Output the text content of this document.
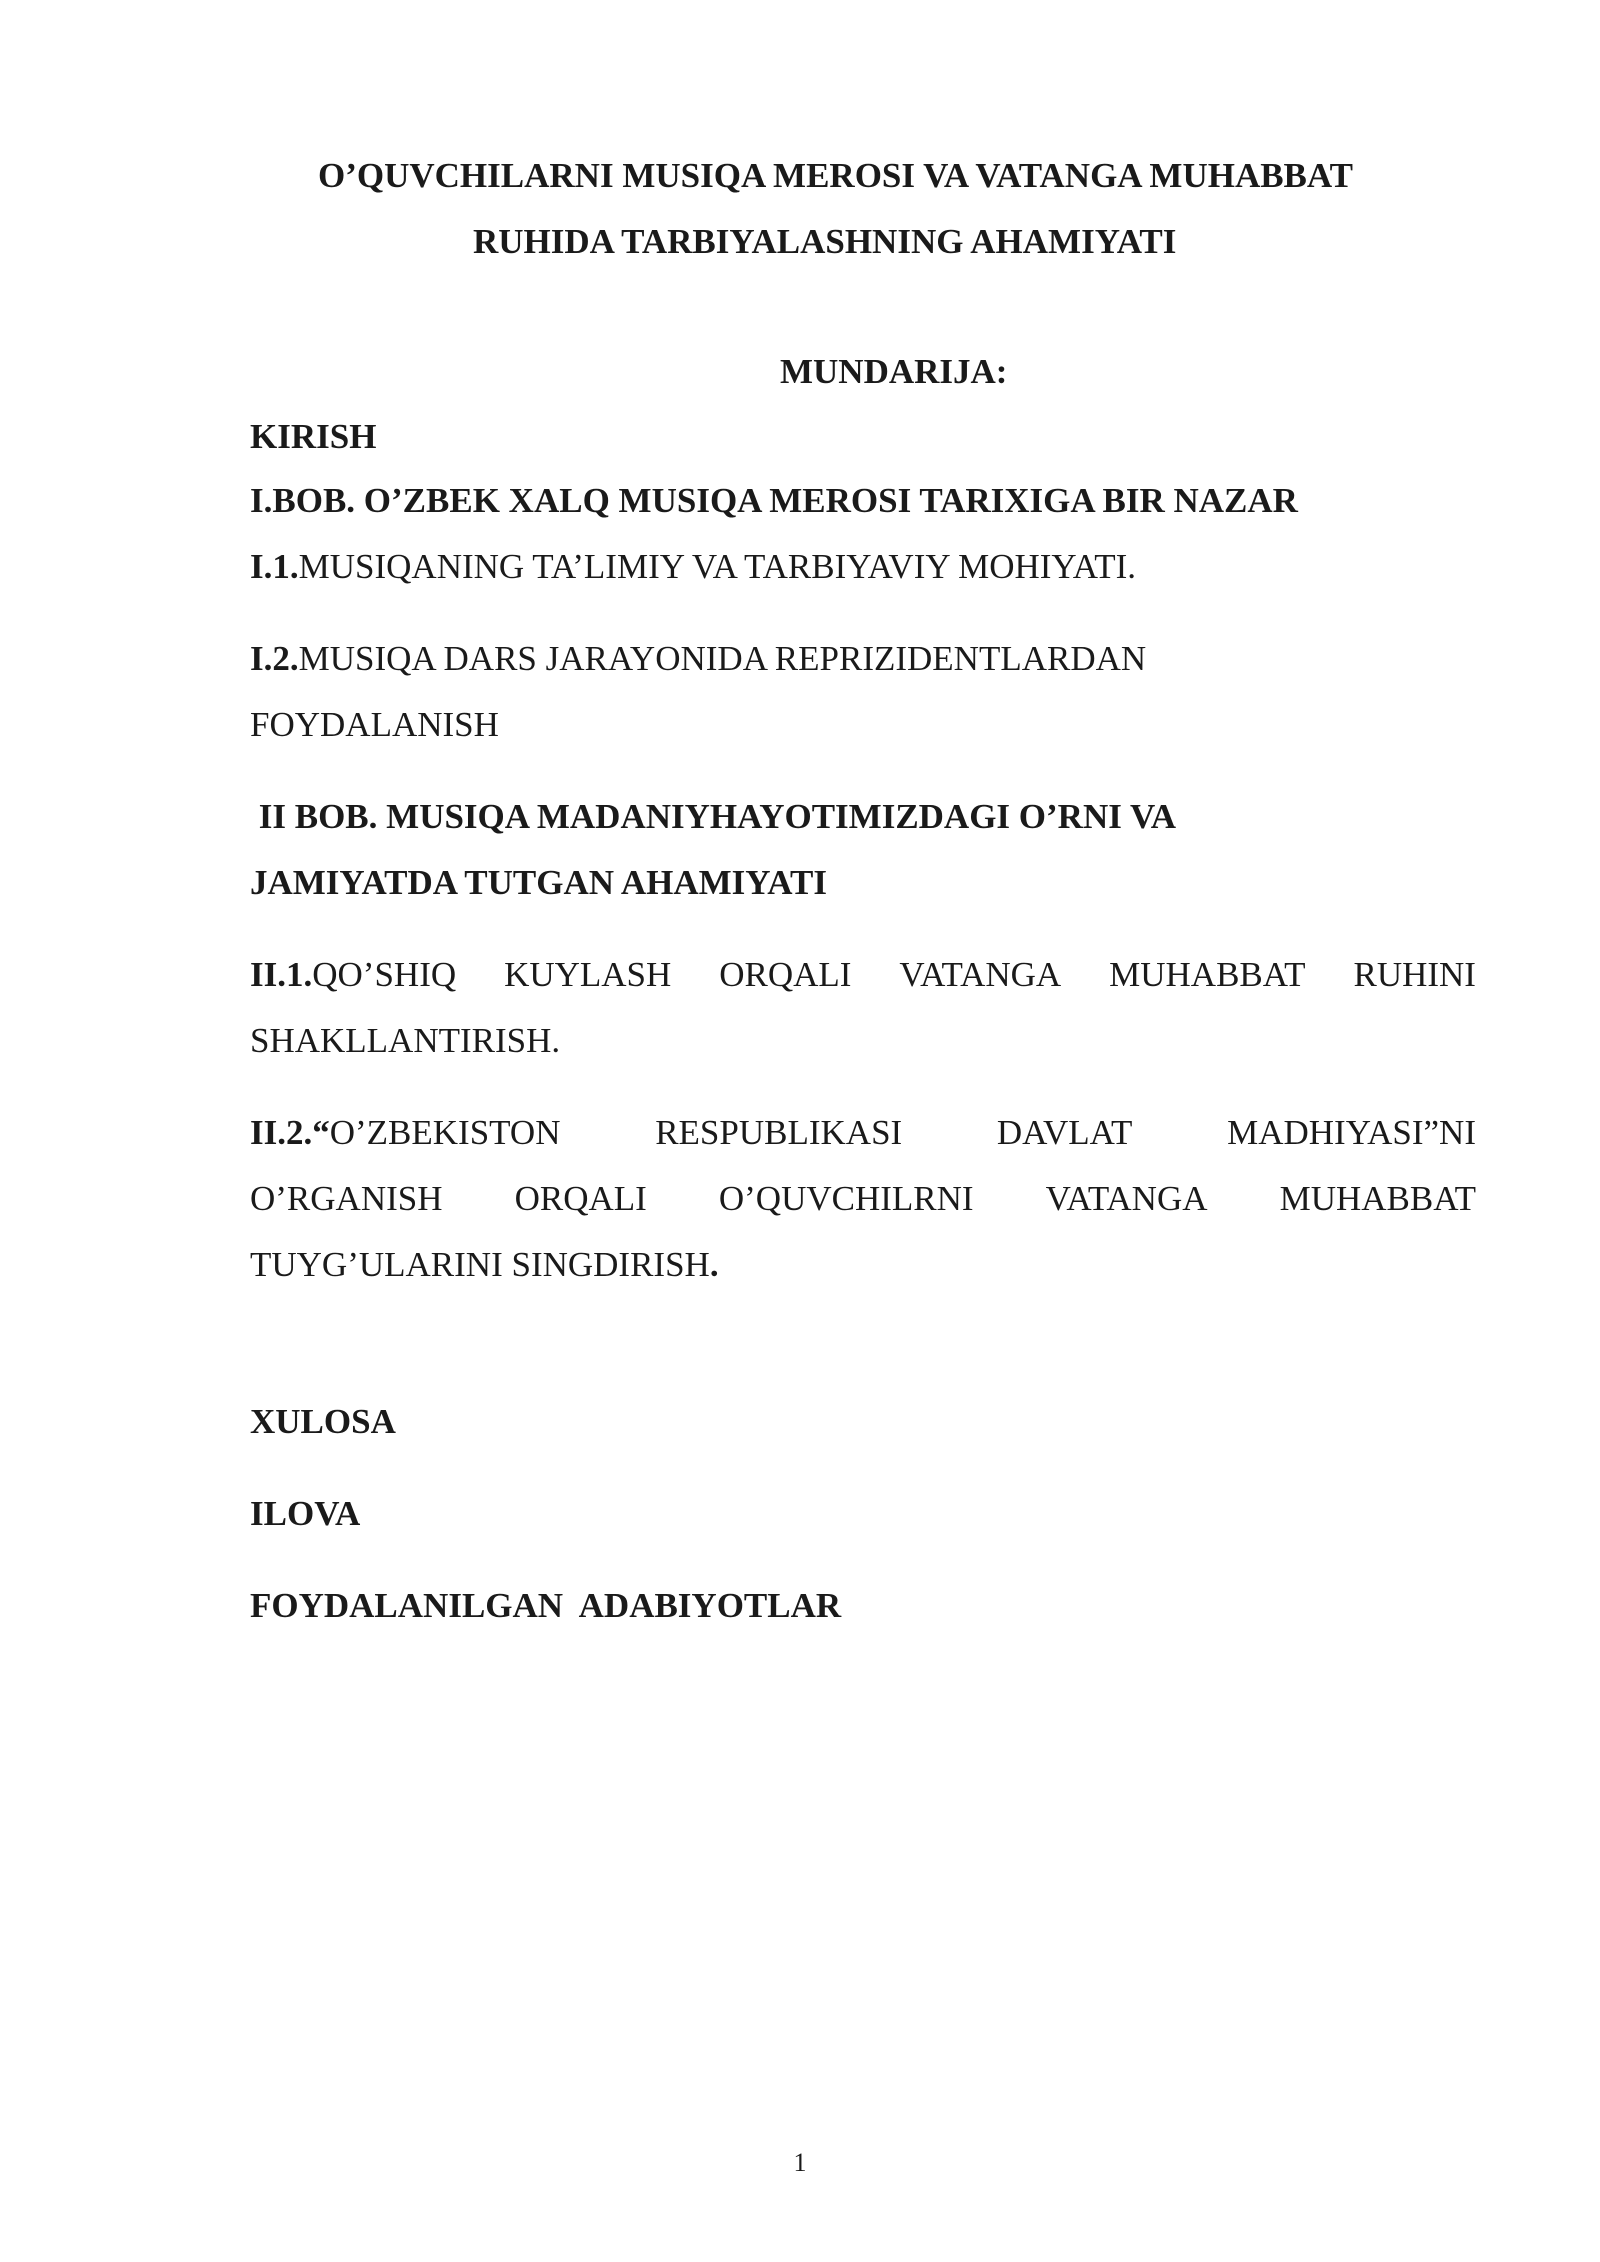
O’QUVCHILARNI MUSIQA MEROSI VA VATANGA MUHABBAT
RUHIDA TARBIYALASHNING AHAMIYATI
MUNDARIJA:
KIRISH
I.BOB. O’ZBEK XALQ MUSIQA MEROSI TARIXIGA BIR NAZAR
I.1.MUSIQANING TA’LIMIY VA TARBIYAVIY MOHIYATI.
I.2.MUSIQA DARS JARAYONIDA REPRIZIDENTLARDAN
FOYDALANISH
II BOB. MUSIQA MADANIYHAYOTIMIZDAGI O’RNI VA
JAMIYATDA TUTGAN AHAMIYATI
II.1.QO’SHIQ KUYLASH ORQALI VATANGA MUHABBAT RUHINI
SHAKLLANTIRISH.
II.2.“O’ZBEKISTON	RESPUBLIKASI	DAVLAT	MADHIYASI”NI
O’RGANISH ORQALI O’QUVCHILRNI VATANGA MUHABBAT
TUYG’ULARINI SINGDIRISH.
XULOSA
ILOVA
FOYDALANILGAN  ADABIYOTLAR
1
